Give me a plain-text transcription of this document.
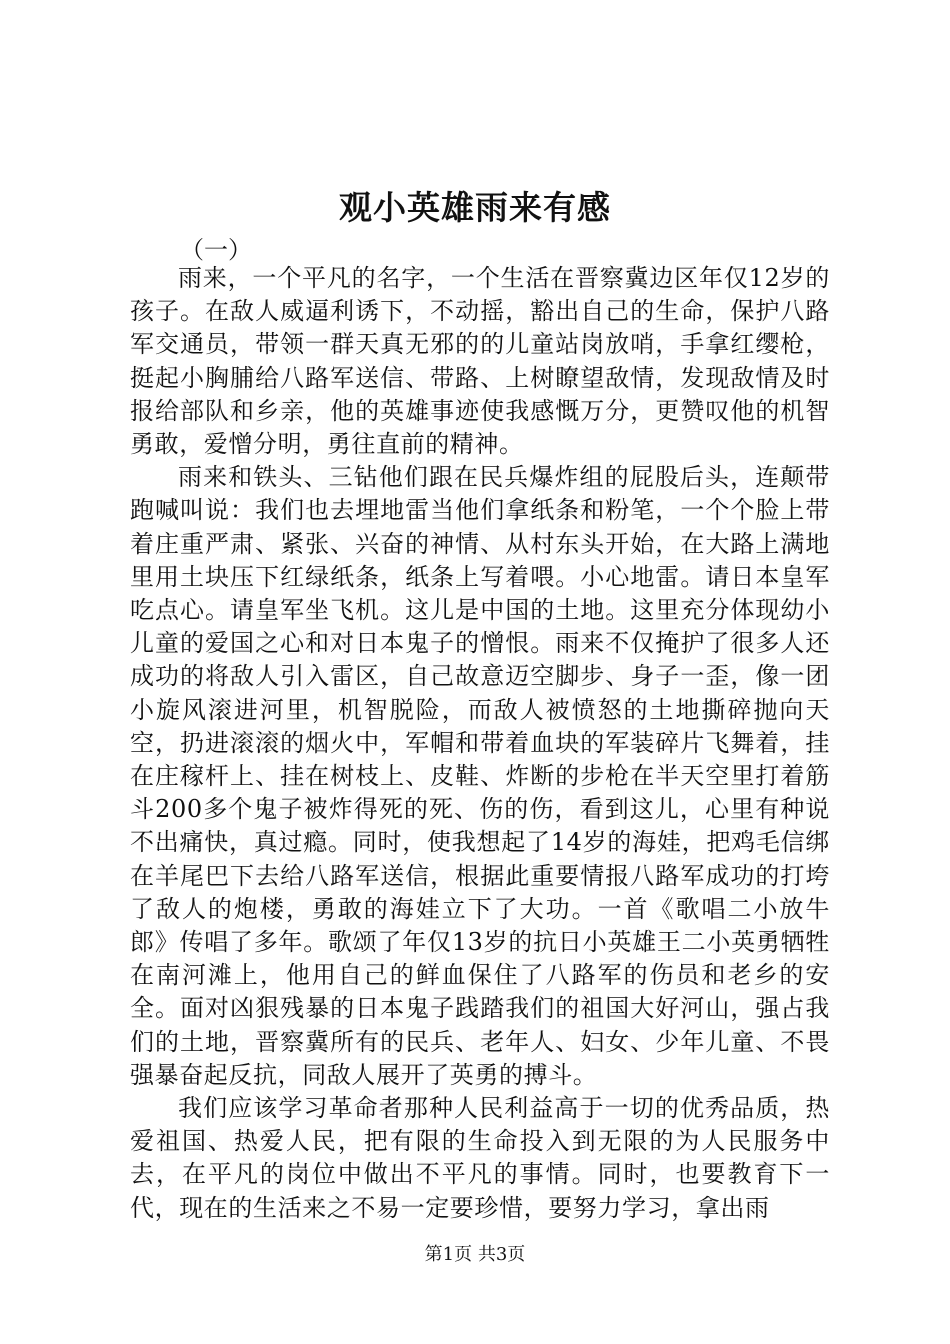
观小英雄雨来有感
（一）

雨来，一个平凡的名字，一个生活在晋察冀边区年仅12岁的孩子。在敌人威逼利诱下，不动摇，豁出自己的生命，保护八路军交通员，带领一群天真无邪的的儿童站岗放哨，手拿红缨枪，挺起小胸脯给八路军送信、带路、上树瞭望敌情，发现敌情及时报给部队和乡亲，他的英雄事迹使我感慨万分，更赞叹他的机智勇敢，爱憎分明，勇往直前的精神。

雨来和铁头、三钻他们跟在民兵爆炸组的屁股后头，连颠带跑喊叫说：我们也去埋地雷当他们拿纸条和粉笔，一个个脸上带着庄重严肃、紧张、兴奋的神情、从村东头开始，在大路上满地里用土块压下红绿纸条，纸条上写着喂。小心地雷。请日本皇军吃点心。请皇军坐飞机。这儿是中国的土地。这里充分体现幼小儿童的爱国之心和对日本鬼子的憎恨。雨来不仅掩护了很多人还成功的将敌人引入雷区，自己故意迈空脚步、身子一歪，像一团小旋风滚进河里，机智脱险，而敌人被愤怒的土地撕碎抛向天空，扔进滚滚的烟火中，军帽和带着血块的军装碎片飞舞着，挂在庄稼杆上、挂在树枝上、皮鞋、炸断的步枪在半天空里打着筋斗200多个鬼子被炸得死的死、伤的伤，看到这儿，心里有种说不出痛快，真过瘾。同时，使我想起了14岁的海娃，把鸡毛信绑在羊尾巴下去给八路军送信，根据此重要情报八路军成功的打垮了敌人的炮楼，勇敢的海娃立下了大功。一首《歌唱二小放牛郎》传唱了多年。歌颂了年仅13岁的抗日小英雄王二小英勇牺牲在南河滩上，他用自己的鲜血保住了八路军的伤员和老乡的安全。面对凶狠残暴的日本鬼子践踏我们的祖国大好河山，强占我们的土地，晋察冀所有的民兵、老年人、妇女、少年儿童、不畏强暴奋起反抗，同敌人展开了英勇的搏斗。

我们应该学习革命者那种人民利益高于一切的优秀品质，热爱祖国、热爱人民，把有限的生命投入到无限的为人民服务中去，在平凡的岗位中做出不平凡的事情。同时，也要教育下一代，现在的生活来之不易一定要珍惜，要努力学习，拿出雨

第1页 共3页
